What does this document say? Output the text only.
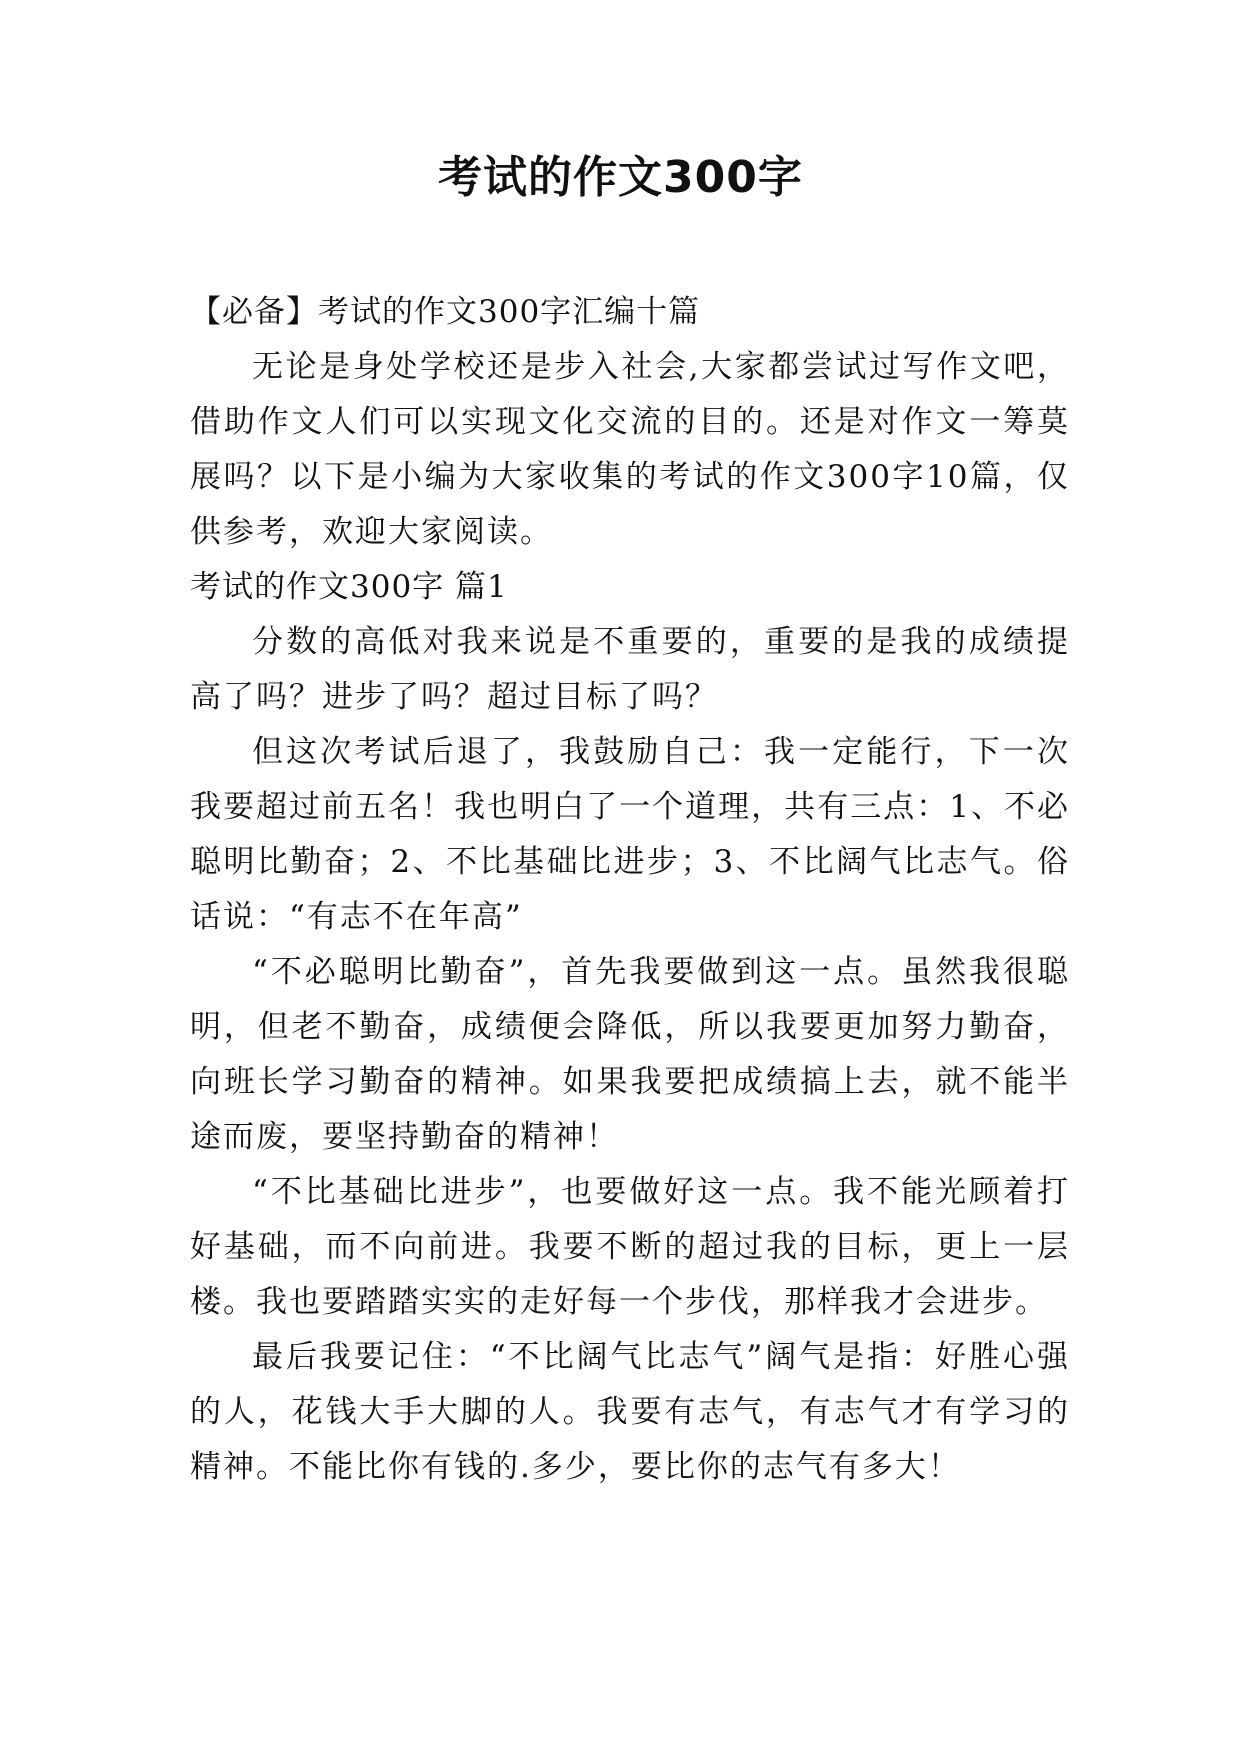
考试的作文300字

【必备】考试的作文300字汇编十篇

无论是身处学校还是步入社会,大家都尝试过写作文吧，借助作文人们可以实现文化交流的目的。还是对作文一筹莫展吗？以下是小编为大家收集的考试的作文300字10篇，仅供参考，欢迎大家阅读。

考试的作文300字 篇1

分数的高低对我来说是不重要的，重要的是我的成绩提高了吗？进步了吗？超过目标了吗？

但这次考试后退了，我鼓励自己：我一定能行，下一次我要超过前五名！我也明白了一个道理，共有三点：1、不必聪明比勤奋；2、不比基础比进步；3、不比阔气比志气。俗话说：“有志不在年高”

“不必聪明比勤奋”，首先我要做到这一点。虽然我很聪明，但老不勤奋，成绩便会降低，所以我要更加努力勤奋，向班长学习勤奋的精神。如果我要把成绩搞上去，就不能半途而废，要坚持勤奋的精神！

“不比基础比进步”，也要做好这一点。我不能光顾着打好基础，而不向前进。我要不断的超过我的目标，更上一层楼。我也要踏踏实实的走好每一个步伐，那样我才会进步。

最后我要记住：“不比阔气比志气”阔气是指：好胜心强的人，花钱大手大脚的人。我要有志气，有志气才有学习的精神。不能比你有钱的.多少，要比你的志气有多大！
